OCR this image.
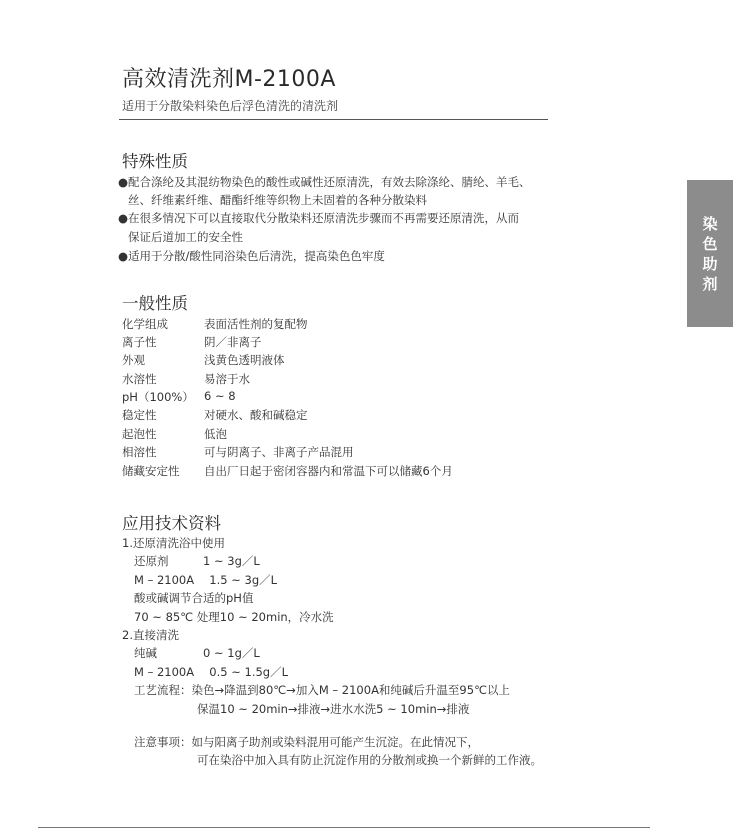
高效清洗剂M-2100A
适用于分散染料染色后浮色清洗的清洗剂
染
色
助
剂
特殊性质
●配合涤纶及其混纺物染色的酸性或碱性还原清洗，有效去除涤纶、腈纶、羊毛、
丝、纤维素纤维、醋酯纤维等织物上未固着的各种分散染料
●在很多情况下可以直接取代分散染料还原清洗步骤而不再需要还原清洗，从而
保证后道加工的安全性
●适用于分散/酸性同浴染色后清洗，提高染色色牢度
一般性质
化学组成	表面活性剂的复配物
离子性	阴／非离子
外观	浅黄色透明液体
水溶性	易溶于水
pH（100%） 6 ~ 8
稳定性	对硬水、酸和碱稳定
起泡性	低泡
相溶性	可与阴离子、非离子产品混用
储藏安定性 自出厂日起于密闭容器内和常温下可以储藏6个月
应用技术资料
1.还原清洗浴中使用
还原剂　　　1 ~ 3g／L
M – 2100A　 1.5 ~ 3g／L
酸或碱调节合适的pH值
70 ~ 85℃ 处理10 ~ 20min，冷水洗
2.直接清洗
纯碱　　　　0 ~ 1g／L
M – 2100A　 0.5 ~ 1.5g／L
工艺流程：染色→降温到80℃→加入M – 2100A和纯碱后升温至95℃以上
保温10 ~ 20min→排液→进水水洗5 ~ 10min→排液
注意事项：如与阳离子助剂或染料混用可能产生沉淀。在此情况下，
可在染浴中加入具有防止沉淀作用的分散剂或换一个新鲜的工作液。
